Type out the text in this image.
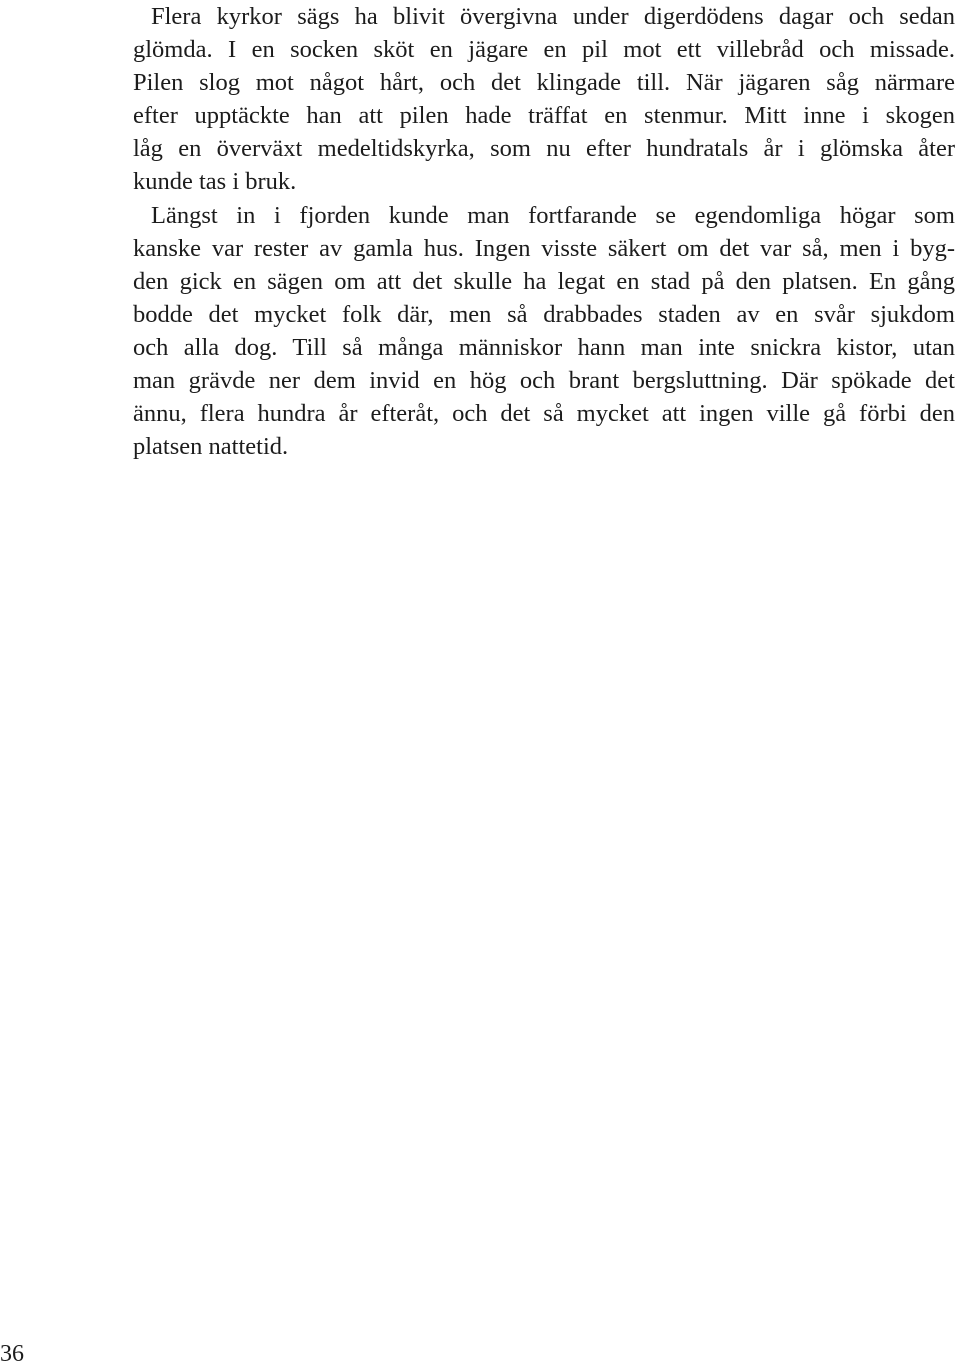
Flera kyrkor sägs ha blivit övergivna under digerdödens dagar och sedan
glömda. I en socken sköt en jägare en pil mot ett villebråd och missade.
Pilen slog mot något hårt, och det klingade till. När jägaren såg närmare
efter upptäckte han att pilen hade träffat en stenmur. Mitt inne i skogen
låg en överväxt medeltidskyrka, som nu efter hundratals år i glömska åter
kunde tas i bruk.
Längst in i fjorden kunde man fortfarande se egendomliga högar som
kanske var rester av gamla hus. Ingen visste säkert om det var så, men i byg-
den gick en sägen om att det skulle ha legat en stad på den platsen. En gång
bodde det mycket folk där, men så drabbades staden av en svår sjukdom
och alla dog. Till så många människor hann man inte snickra kistor, utan
man grävde ner dem invid en hög och brant bergsluttning. Där spökade det
ännu, flera hundra år efteråt, och det så mycket att ingen ville gå förbi den
platsen nattetid.
36
